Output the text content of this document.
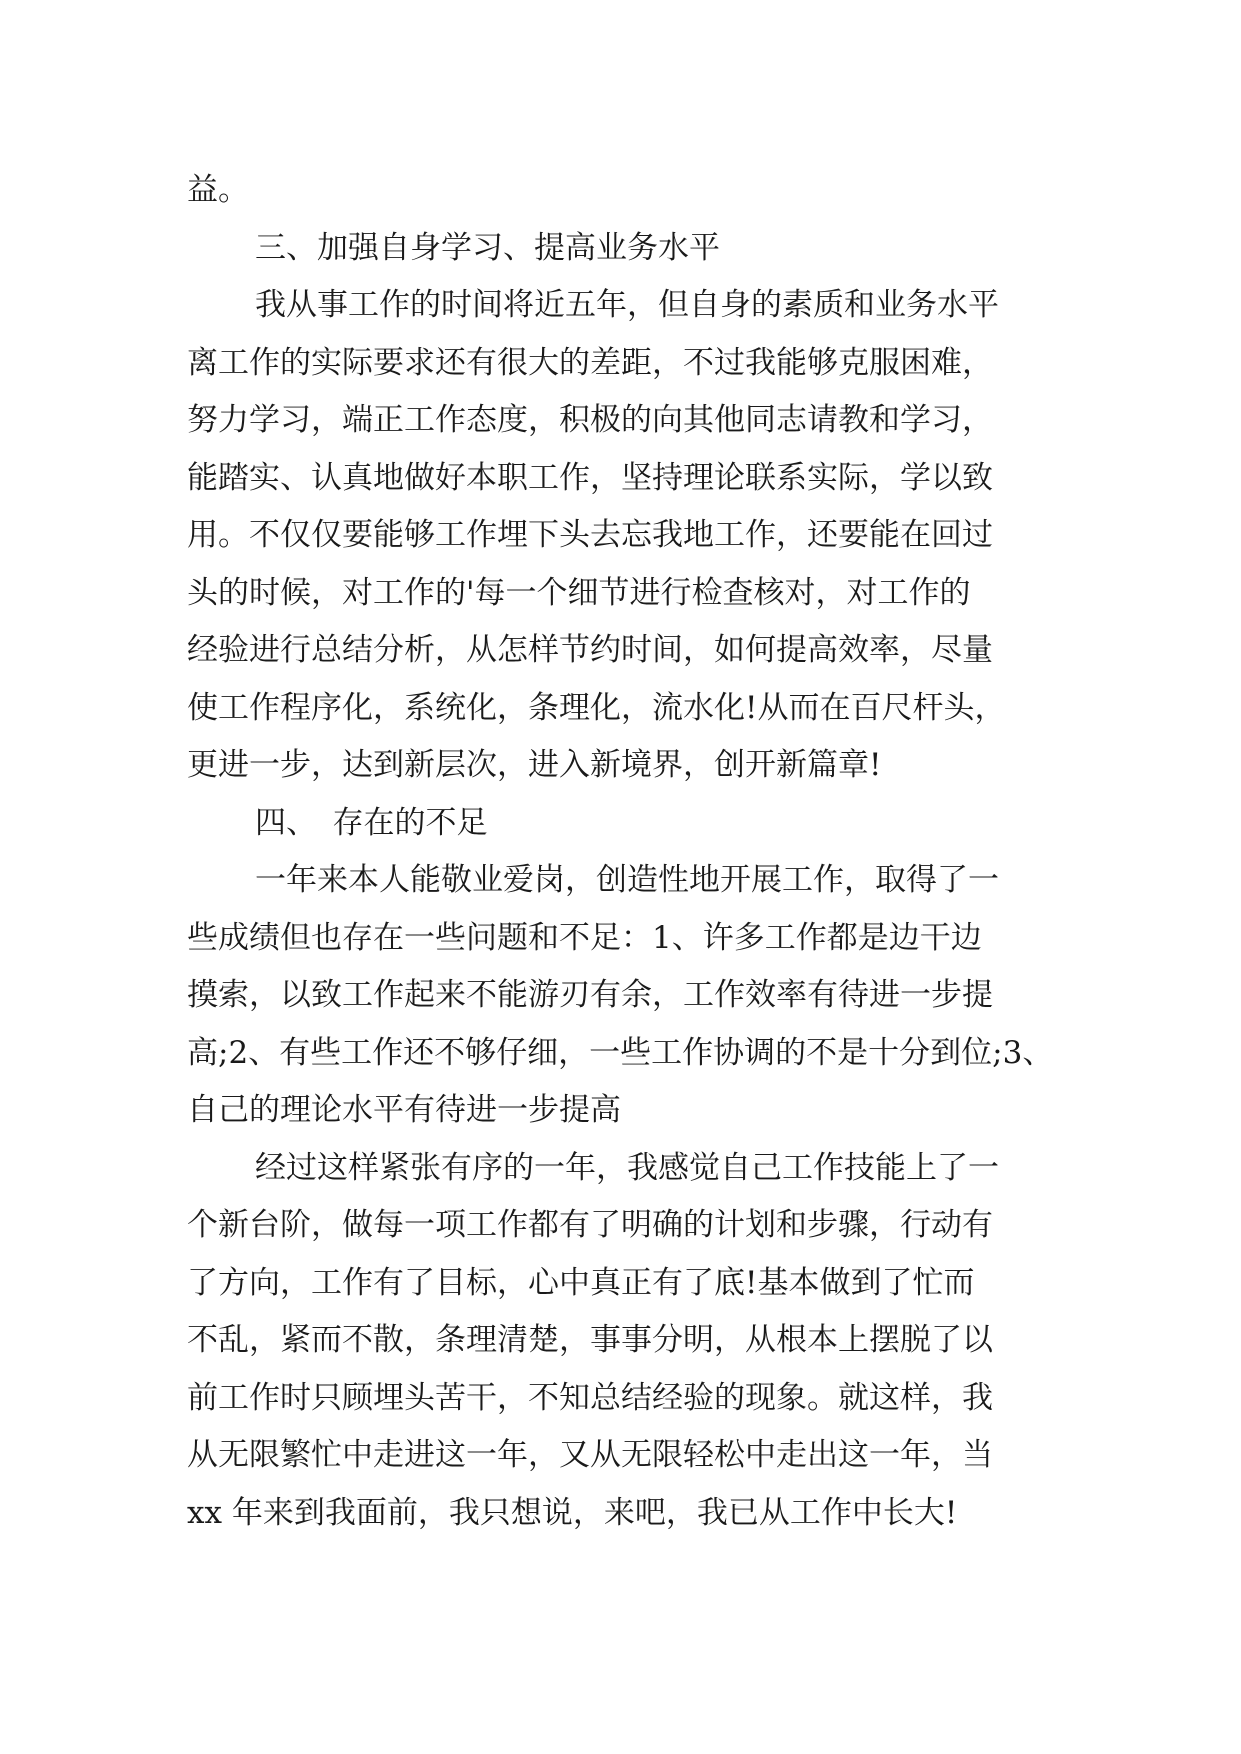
益。
三、加强自身学习、提高业务水平
我从事工作的时间将近五年，但自身的素质和业务水平
离工作的实际要求还有很大的差距，不过我能够克服困难，
努力学习，端正工作态度，积极的向其他同志请教和学习，
能踏实、认真地做好本职工作，坚持理论联系实际，学以致
用。不仅仅要能够工作埋下头去忘我地工作，还要能在回过
头的时候，对工作的'每一个细节进行检查核对，对工作的
经验进行总结分析，从怎样节约时间，如何提高效率，尽量
使工作程序化，系统化，条理化，流水化!从而在百尺杆头，
更进一步，达到新层次，进入新境界，创开新篇章!
四、　存在的不足
一年来本人能敬业爱岗，创造性地开展工作，取得了一
些成绩但也存在一些问题和不足：1、许多工作都是边干边
摸索，以致工作起来不能游刃有余，工作效率有待进一步提
高;2、有些工作还不够仔细，一些工作协调的不是十分到位;3、
自己的理论水平有待进一步提高
经过这样紧张有序的一年，我感觉自己工作技能上了一
个新台阶，做每一项工作都有了明确的计划和步骤，行动有
了方向，工作有了目标，心中真正有了底!基本做到了忙而
不乱，紧而不散，条理清楚，事事分明，从根本上摆脱了以
前工作时只顾埋头苦干，不知总结经验的现象。就这样，我
从无限繁忙中走进这一年，又从无限轻松中走出这一年，当
xx 年来到我面前，我只想说，来吧，我已从工作中长大!
